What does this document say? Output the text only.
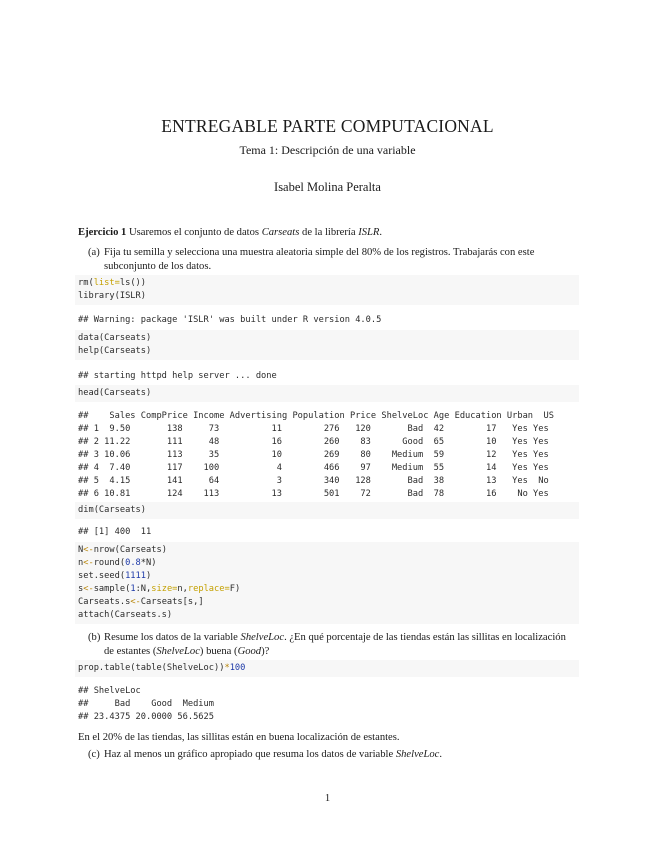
ENTREGABLE PARTE COMPUTACIONAL
Tema 1: Descripción de una variable
Isabel Molina Peralta
Ejercicio 1 Usaremos el conjunto de datos Carseats de la librería ISLR.
(a) Fija tu semilla y selecciona una muestra aleatoria simple del 80% de los registros. Trabajarás con este subconjunto de los datos.
rm(list=ls())
library(ISLR)
## Warning: package 'ISLR' was built under R version 4.0.5
data(Carseats)
help(Carseats)
## starting httpd help server ... done
head(Carseats)
##    Sales CompPrice Income Advertising Population Price ShelveLoc Age Education Urban  US
## 1  9.50       138     73          11        276   120       Bad  42        17   Yes Yes
## 2 11.22       111     48          16        260    83      Good  65        10   Yes Yes
## 3 10.06       113     35          10        269    80    Medium  59        12   Yes Yes
## 4  7.40       117    100           4        466    97    Medium  55        14   Yes Yes
## 5  4.15       141     64           3        340   128       Bad  38        13   Yes  No
## 6 10.81       124    113          13        501    72       Bad  78        16    No Yes
dim(Carseats)
## [1] 400  11
N<-nrow(Carseats)
n<-round(0.8*N)
set.seed(1111)
s<-sample(1:N,size=n,replace=F)
Carseats.s<-Carseats[s,]
attach(Carseats.s)
(b) Resume los datos de la variable ShelveLoc. ¿En qué porcentaje de las tiendas están las sillitas en localización de estantes (ShelveLoc) buena (Good)?
prop.table(table(ShelveLoc))*100
## ShelveLoc
##     Bad    Good  Medium
## 23.4375 20.0000 56.5625
En el 20% de las tiendas, las sillitas están en buena localización de estantes.
(c) Haz al menos un gráfico apropiado que resuma los datos de variable ShelveLoc.
1
